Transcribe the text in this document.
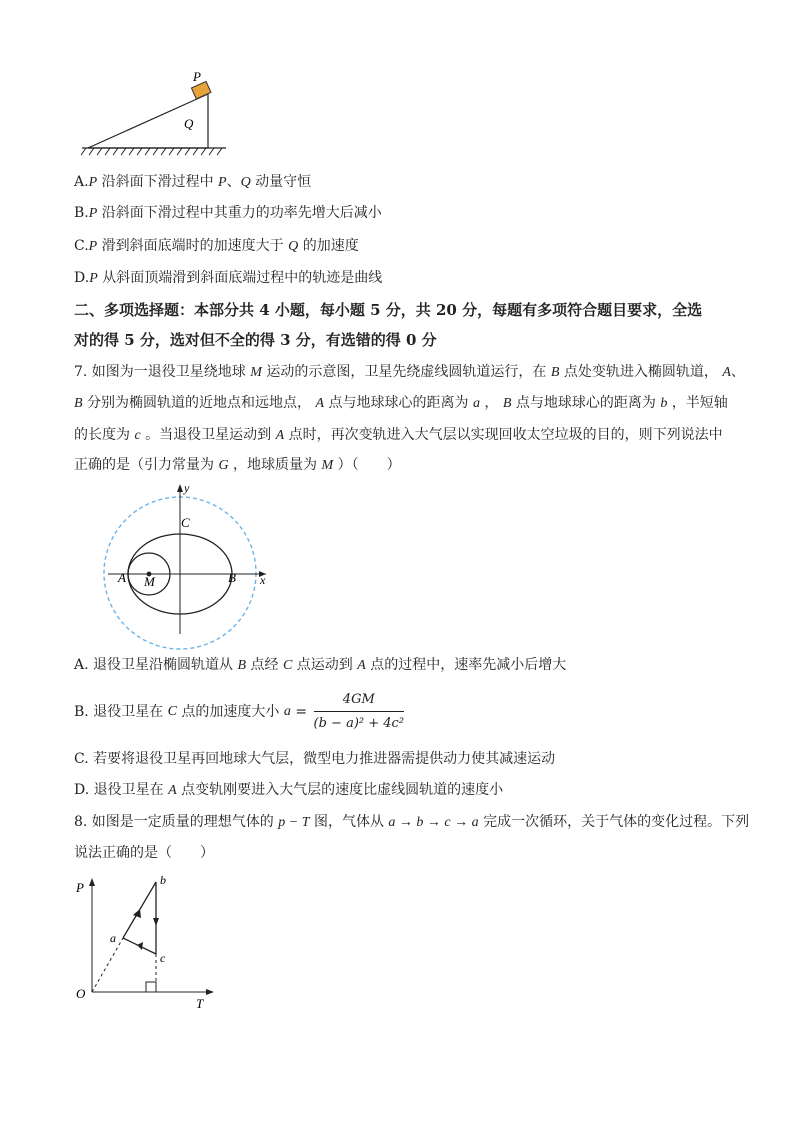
P
Q
A.P 沿斜面下滑过程中 P、Q 动量守恒
B.P 沿斜面下滑过程中其重力的功率先增大后减小
C.P 滑到斜面底端时的加速度大于 Q 的加速度
D.P 从斜面顶端滑到斜面底端过程中的轨迹是曲线
二、多项选择题：本部分共 4 小题，每小题 5 分，共 20 分，每题有多项符合题目要求，全选
对的得 5 分，选对但不全的得 3 分，有选错的得 0 分
7. 如图为一退役卫星绕地球 M 运动的示意图，卫星先绕虚线圆轨道运行，在 B 点处变轨进入椭圆轨道， A、
B 分别为椭圆轨道的近地点和远地点， A 点与地球球心的距离为 a ， B 点与地球球心的距离为 b ，半短轴
的长度为 c 。当退役卫星运动到 A 点时，再次变轨进入大气层以实现回收太空垃圾的目的，则下列说法中
正确的是（引力常量为 G ，地球质量为 M ）（　　）
y
x
A M	B
C
A. 退役卫星沿椭圆轨道从 B 点经 C 点运动到 A 点的过程中，速率先减小后增大
B. 退役卫星在 C 点的加速度大小 $a = \frac{4GM}{\text{(b − a)² + 4c²}}$
C. 若要将退役卫星再回地球大气层，微型电力推进器需提供动力使其减速运动
D. 退役卫星在 A 点变轨刚要进入大气层的速度比虚线圆轨道的速度小
8. 如图是一定质量的理想气体的 p − T 图，气体从 a → b → c → a 完成一次循环，关于气体的变化过程。下列
说法正确的是（　　）
P
T
O
a
b
c
